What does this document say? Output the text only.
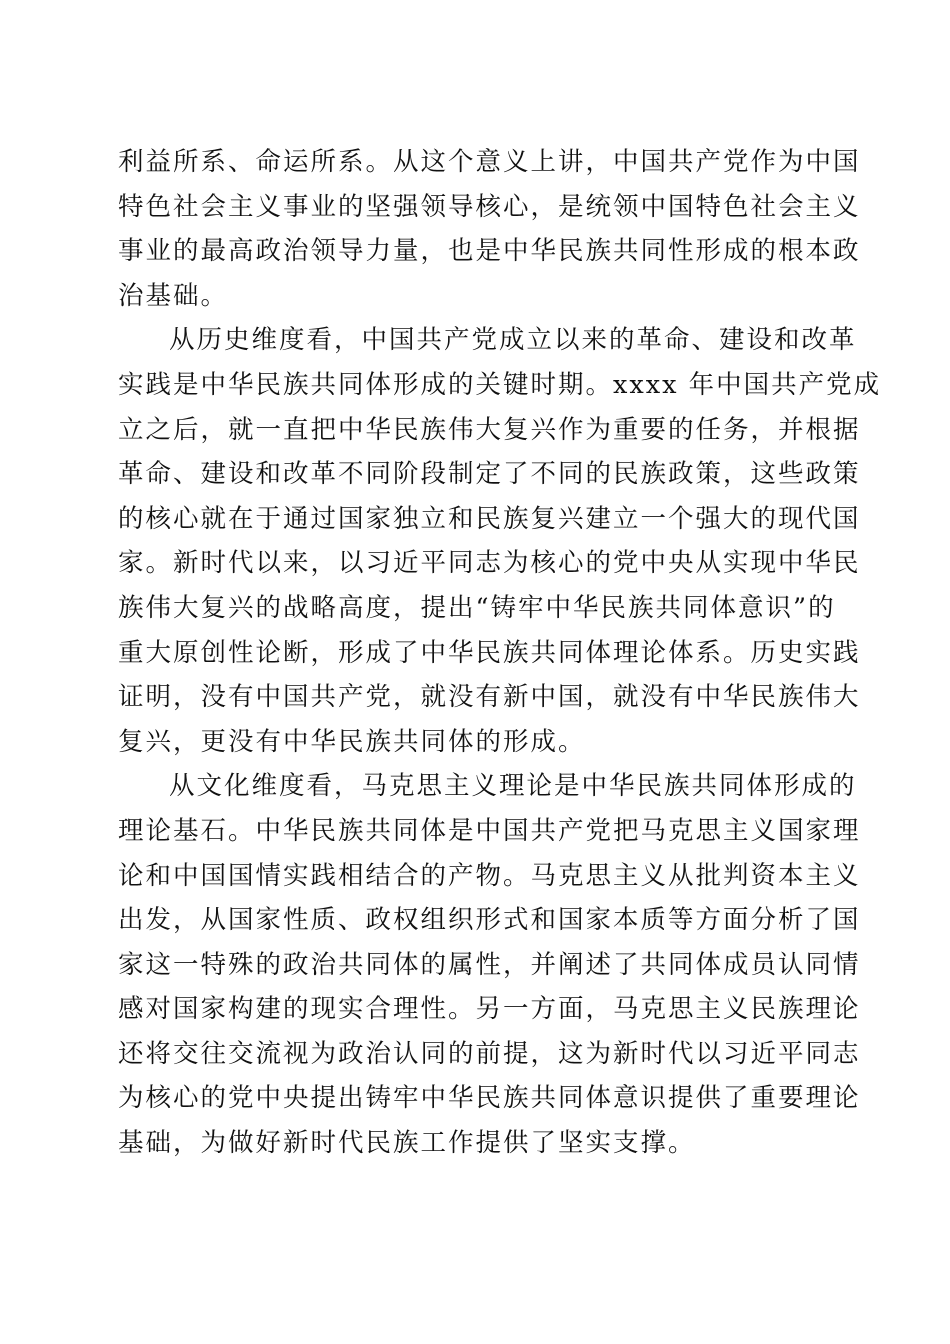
利益所系、命运所系。从这个意义上讲，中国共产党作为中国
特色社会主义事业的坚强领导核心，是统领中国特色社会主义
事业的最高政治领导力量，也是中华民族共同性形成的根本政
治基础。

从历史维度看，中国共产党成立以来的革命、建设和改革
实践是中华民族共同体形成的关键时期。xxxx 年中国共产党成
立之后，就一直把中华民族伟大复兴作为重要的任务，并根据
革命、建设和改革不同阶段制定了不同的民族政策，这些政策
的核心就在于通过国家独立和民族复兴建立一个强大的现代国
家。新时代以来，以习近平同志为核心的党中央从实现中华民
族伟大复兴的战略高度，提出“铸牢中华民族共同体意识”的
重大原创性论断，形成了中华民族共同体理论体系。历史实践
证明，没有中国共产党，就没有新中国，就没有中华民族伟大
复兴，更没有中华民族共同体的形成。

从文化维度看，马克思主义理论是中华民族共同体形成的
理论基石。中华民族共同体是中国共产党把马克思主义国家理
论和中国国情实践相结合的产物。马克思主义从批判资本主义
出发，从国家性质、政权组织形式和国家本质等方面分析了国
家这一特殊的政治共同体的属性，并阐述了共同体成员认同情
感对国家构建的现实合理性。另一方面，马克思主义民族理论
还将交往交流视为政治认同的前提，这为新时代以习近平同志
为核心的党中央提出铸牢中华民族共同体意识提供了重要理论
基础，为做好新时代民族工作提供了坚实支撑。
